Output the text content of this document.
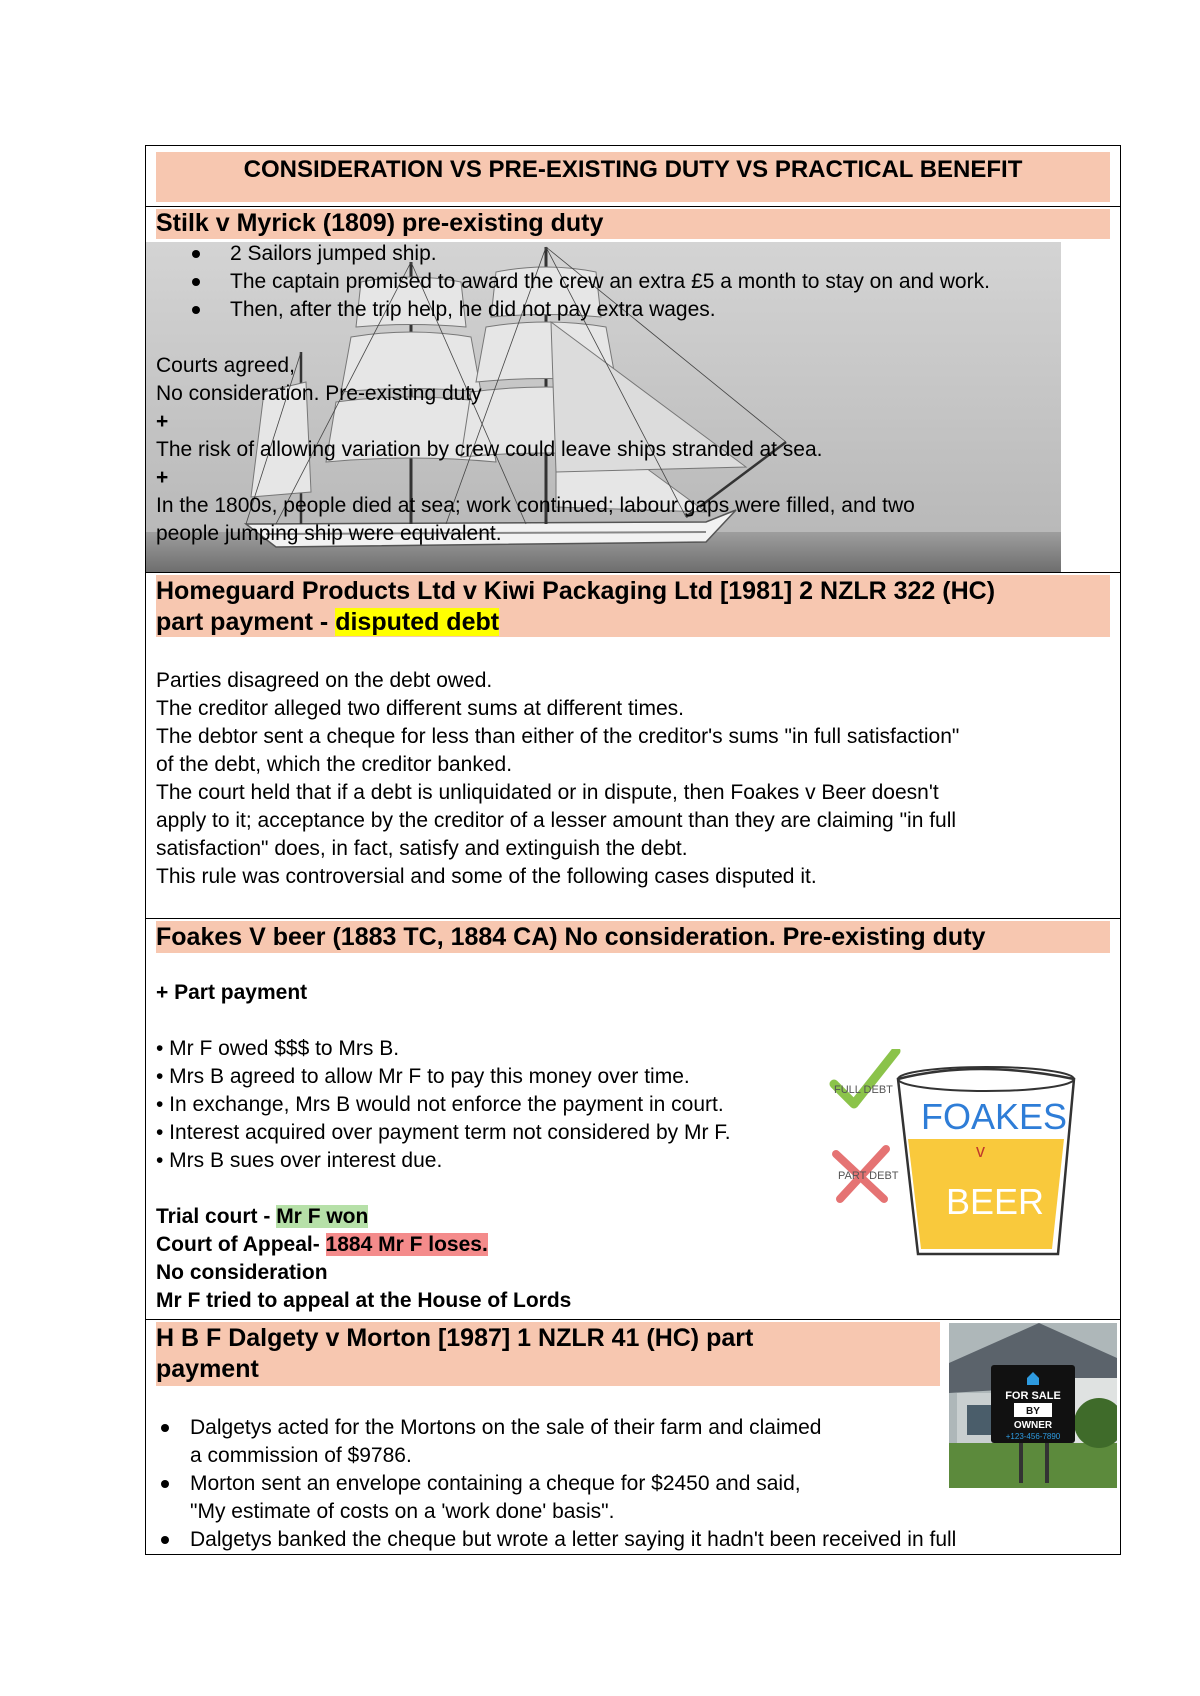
CONSIDERATION VS PRE-EXISTING DUTY VS PRACTICAL BENEFIT
Stilk v Myrick (1809) pre-existing duty
2 Sailors jumped ship.
The captain promised to award the crew an extra £5 a month to stay on and work.
Then, after the trip help, he did not pay extra wages.
Courts agreed,
No consideration. Pre-existing duty
+
The risk of allowing variation by crew could leave ships stranded at sea.
+
In the 1800s, people died at sea; work continued; labour gaps were filled, and two
people jumping ship were equivalent.
Homeguard Products Ltd v Kiwi Packaging Ltd [1981] 2 NZLR 322 (HC)
part payment - disputed debt
Parties disagreed on the debt owed.
The creditor alleged two different sums at different times.
The debtor sent a cheque for less than either of the creditor's sums "in full satisfaction"
of the debt, which the creditor banked.
The court held that if a debt is unliquidated or in dispute, then Foakes v Beer doesn't
apply to it; acceptance by the creditor of a lesser amount than they are claiming "in full
satisfaction" does, in fact, satisfy and extinguish the debt.
This rule was controversial and some of the following cases disputed it.
Foakes V beer (1883 TC, 1884 CA) No consideration. Pre-existing duty
+ Part payment
• Mr F owed $$$ to Mrs B.
• Mrs B agreed to allow Mr F to pay this money over time.
• In exchange, Mrs B would not enforce the payment in court.
• Interest acquired over payment term not considered by Mr F.
• Mrs B sues over interest due.
Trial court - Mr F won
Court of Appeal- 1884 Mr F loses.
No consideration
Mr F tried to appeal at the House of Lords
FOAKES
v
BEER
FULL DEBT
PART DEBT
H B F Dalgety v Morton [1987] 1 NZLR 41 (HC) part
payment
FOR SALE
BY
OWNER
+123-456-7890
Dalgetys acted for the Mortons on the sale of their farm and claimed
a commission of $9786.
Morton sent an envelope containing a cheque for $2450 and said,
"My estimate of costs on a 'work done' basis".
Dalgetys banked the cheque but wrote a letter saying it hadn't been received in full
